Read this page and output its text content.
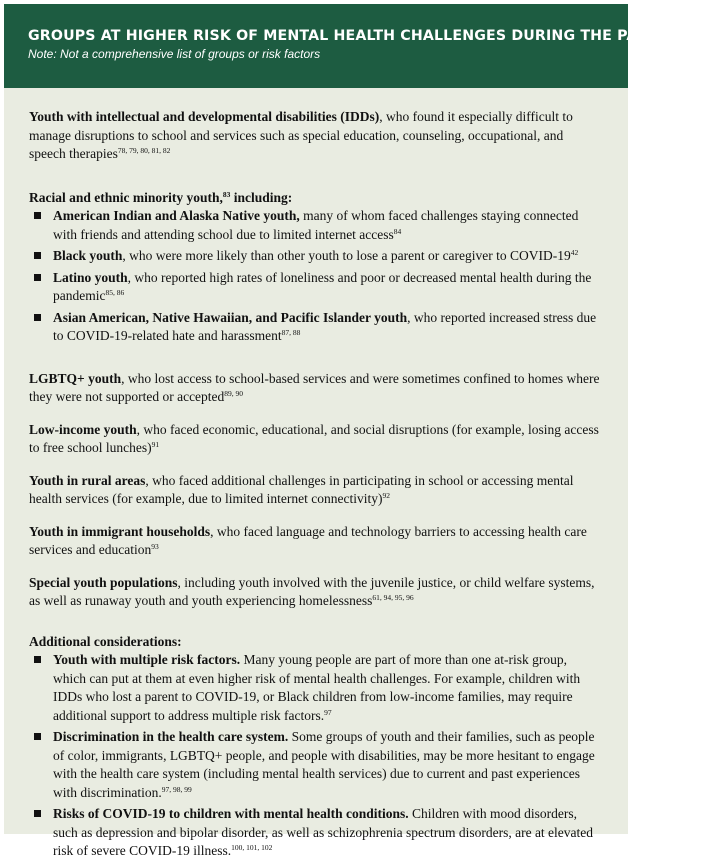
GROUPS AT HIGHER RISK OF MENTAL HEALTH CHALLENGES DURING THE PANDEMIC
Note: Not a comprehensive list of groups or risk factors

Youth with intellectual and developmental disabilities (IDDs), who found it especially difficult to manage disruptions to school and services such as special education, counseling, occupational, and speech therapies$^{78, 79, 80, 81, 82}$

Racial and ethnic minority youth,$^{83}$ including:

American Indian and Alaska Native youth, many of whom faced challenges staying connected with friends and attending school due to limited internet access$^{84}$
Black youth, who were more likely than other youth to lose a parent or caregiver to COVID-$19^{42}$
Latino youth, who reported high rates of loneliness and poor or decreased mental health during the pandemic$^{85, 86}$
Asian American, Native Hawaiian, and Pacific Islander youth, who reported increased stress due to COVID-19-related hate and harassment$^{87, 88}$

LGBTQ+ youth, who lost access to school-based services and were sometimes confined to homes where they were not supported or accepted$^{89, 90}$

Low-income youth, who faced economic, educational, and social disruptions (for example, losing access to free school lunches)$^{91}$

Youth in rural areas, who faced additional challenges in participating in school or accessing mental health services (for example, due to limited internet connectivity)$^{92}$

Youth in immigrant households, who faced language and technology barriers to accessing health care services and education$^{93}$

Special youth populations, including youth involved with the juvenile justice, or child welfare systems, as well as runaway youth and youth experiencing homelessness$^{61, 94, 95, 96}$

Additional considerations:

Youth with multiple risk factors. Many young people are part of more than one at-risk group, which can put at them at even higher risk of mental health challenges. For example, children with IDDs who lost a parent to COVID-19, or Black children from low-income families, may require additional support to address multiple risk factors.$^{97}$
Discrimination in the health care system. Some groups of youth and their families, such as people of color, immigrants, LGBTQ+ people, and people with disabilities, may be more hesitant to engage with the health care system (including mental health services) due to current and past experiences with discrimination.$^{97, 98, 99}$
Risks of COVID-19 to children with mental health conditions. Children with mood disorders, such as depression and bipolar disorder, as well as schizophrenia spectrum disorders, are at elevated risk of severe COVID-19 illness.$^{100, 101, 102}$
